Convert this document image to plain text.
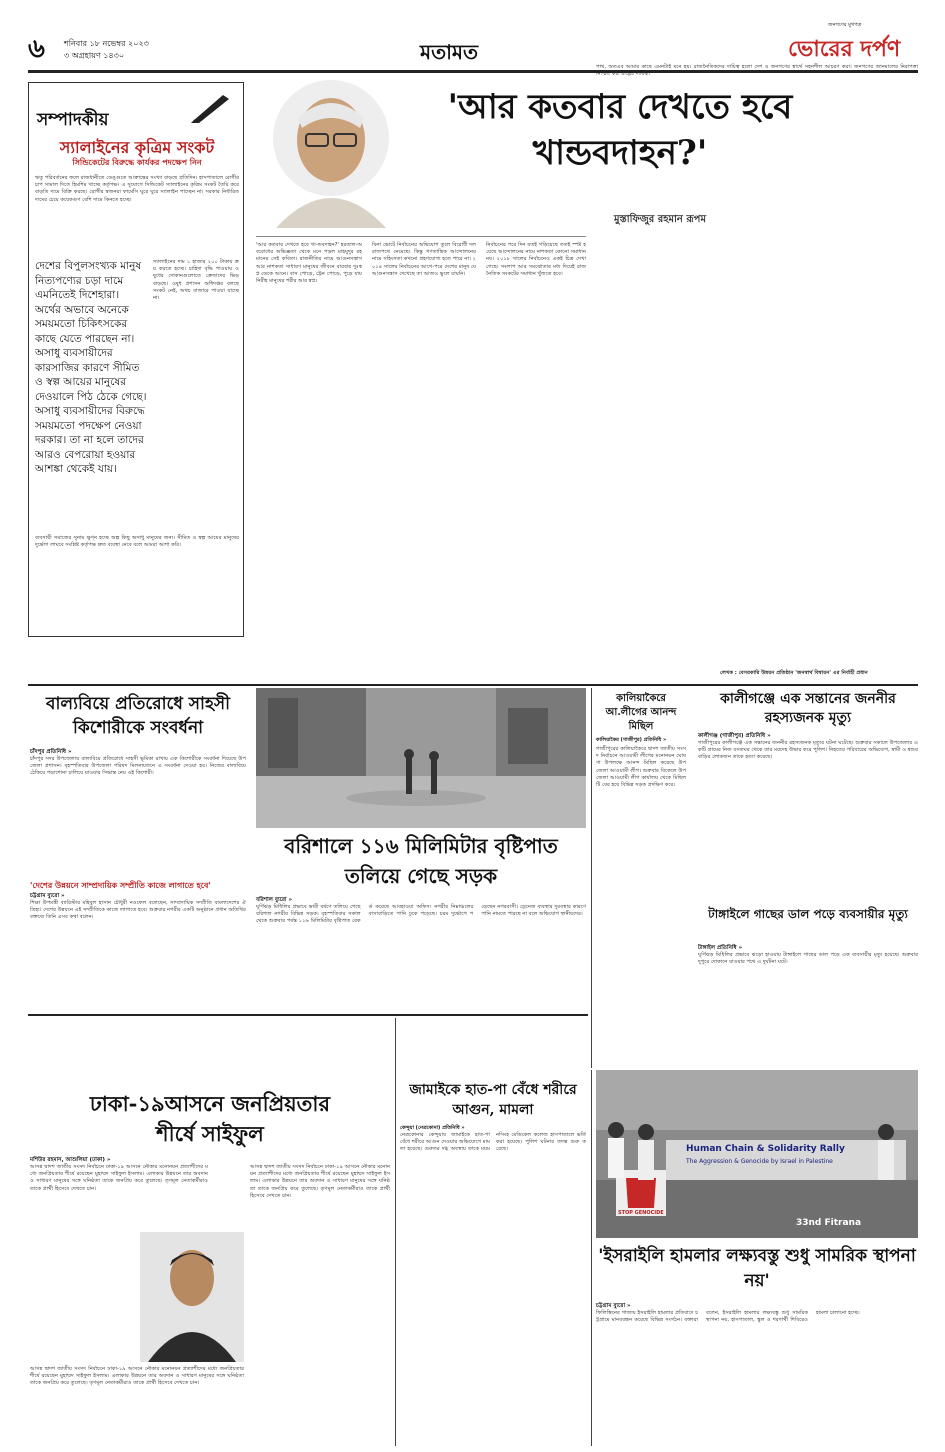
৬ শনিবার ১৮ নভেম্বর ২০২৩
৩ অগ্রহায়ণ ১৪৩০	মতামত
জনগণের মুখপত্র
ভোরের দর্পণ
সম্পাদকীয়
স্যালাইনের কৃত্রিম সংকট
সিন্ডিকেটের বিরুদ্ধে কার্যকর পদক্ষেপ নিন
ঋতু পরিবর্তনের ফলে রাজধানীতে ডেঙ্গুতে আক্রান্তের সংখ্যা বাড়ছে প্রতিদিন। হাসপাতালে রোগীর চাপ সামাল দিতে হিমশিম খাচ্ছে কর্তৃপক্ষ। এ সুযোগে সিন্ডিকেট স্যালাইনের কৃত্রিম সংকট তৈরি করে বাড়তি দামে বিক্রি করছে। রোগীর স্বজনরা ফার্মেসি ঘুরে ঘুরে স্যালাইন পাচ্ছেন না। সরকার নির্ধারিত দামের চেয়ে কয়েকগুণ বেশি দামে কিনতে হচ্ছে।
দেশের বিপুলসংখ্যক মানুষ নিত্যপণ্যের চড়া দামে এমনিতেই দিশেহারা। অর্থের অভাবে অনেকে সময়মতো চিকিৎসকের কাছে যেতে পারছেন না। অসাধু ব্যবসায়ীদের কারসাজির কারণে সীমিত ও স্বল্প আয়ের মানুষের দেওয়ালে পিঠ ঠেকে গেছে। অসাধু ব্যবসায়ীদের বিরুদ্ধে সময়মতো পদক্ষেপ নেওয়া দরকার। তা না হলে তাদের আরও বেপরোয়া হওয়ার আশঙ্কা থেকেই যায়।
স্যালাইনের দাম ১ হাজার ২০০ টাকায় ক্রয় করতে হচ্ছে। চাহিদা বৃদ্ধি পাওয়ায় ওষুধের দোকানগুলোতে ক্রেতাদের ভিড় বাড়ছে। ওষুধ প্রশাসন অধিদপ্তর বলছে সংকট নেই, অথচ বাজারে পাওয়া যাচ্ছে না।
ব্যবসায়ী সমাজের সুনাম ক্ষুণ্ন হচ্ছে অল্প কিছু অসাধু মানুষের জন্য। সীমিত ও স্বল্প আয়ের মানুষের দুর্ভোগ লাঘবে সংশ্লিষ্ট কর্তৃপক্ষ দ্রুত ব্যবস্থা নেবে বলে আমরা আশা করি।
'আর কতবার দেখতে হবে খান্ডবদাহন?'
মুস্তাফিজুর রহমান রূপম
'আর কতবার দেখতে হবে খা-ন্ডবদাহন?' হরতাল-অবরোধের অভিজ্ঞতা থেকে মনে পড়ল মাহমুদুর রহমানের সেই কবিতা। রাজনীতির নামে আগুনসন্ত্রাস আর নাশকতা সাধারণ মানুষের জীবনে বারবার দুঃস্বপ্ন ডেকে আনে। বাস পোড়ে, ট্রেন পোড়ে, পুড়ে যায় নিরীহ মানুষের শরীর আর স্বপ্ন।
বিনা ভোটে নির্বাচনের অভিযোগ তুলে বিরোধী দল রাজপথে নেমেছে। কিন্তু গণতান্ত্রিক আন্দোলনের নামে সহিংসতা কখনো গ্রহণযোগ্য হতে পারে না। ২০১৪ সালের নির্বাচনের আগে-পরে দেশের মানুষ যে আগুনসন্ত্রাস দেখেছে তা আজও ভুলে যায়নি।
নির্বাচনের পরে দিন যতই গড়িয়েছে ততই স্পষ্ট হয়েছে আন্দোলনের নামে নাশকতা কোনো সমাধান নয়। ২০১৮ সালের নির্বাচনেও একই চিত্র দেখা গেছে। সংলাপ আর সমঝোতার মধ্য দিয়েই রাজনৈতিক সংকটের সমাধান খুঁজতে হবে।
পাথ, অতএব আমার কাছে এমনটাই মনে হয়। রাজনৈতিকদের দায়িত্ব হলো দেশ ও জনগণের স্বার্থে সহনশীল আচরণ করা। জনগণের জানমালের নিরাপত্তা নিশ্চিত করা রাষ্ট্রের দায়িত্ব।
লেখক : বেসরকারি উন্নয়ন প্রতিষ্ঠান 'জনস্বার্থ বিশ্বায়ন' এর নির্বাহী প্রধান
বাল্যবিয়ে প্রতিরোধে সাহসী কিশোরীকে সংবর্ধনা
চাঁদপুর প্রতিনিধি »
চাঁদপুর সদর উপজেলায় বাল্যবিয়ে প্রতিরোধে সাহসী ভূমিকা রাখায় এক কিশোরীকে সংবর্ধনা দিয়েছে উপজেলা প্রশাসন। বৃহস্পতিবার উপজেলা পরিষদ মিলনায়তনে এ সংবর্ধনা দেওয়া হয়। নিজের বাল্যবিয়ে ঠেকিয়ে পড়াশোনা চালিয়ে যাওয়ার সিদ্ধান্ত নেয় ওই কিশোরী।
'দেশের উন্নয়নে সাম্প্রদায়িক সম্প্রীতি কাজে লাগাতে হবে'
চট্টগ্রাম ব্যুরো »
শিক্ষা উপমন্ত্রী ব্যারিস্টার মহিবুল হাসান চৌধুরী নওফেল বলেছেন, সাম্প্রদায়িক সম্প্রীতি বাংলাদেশের ঐতিহ্য। দেশের উন্নয়নে এই সম্প্রীতিকে কাজে লাগাতে হবে। শুক্রবার নগরীর একটি অনুষ্ঠানে প্রধান অতিথির বক্তব্যে তিনি এসব কথা বলেন।
বরিশালে ১১৬ মিলিমিটার বৃষ্টিপাত
তলিয়ে গেছে সড়ক
বরিশাল ব্যুরো »
ঘূর্ণিঝড় মিধিলির প্রভাবে ভারী বর্ষণে তলিয়ে গেছে বরিশাল নগরীর বিভিন্ন সড়ক। বৃহস্পতিবার সকাল থেকে শুক্রবার পর্যন্ত ১১৬ মিলিমিটার বৃষ্টিপাত রেকর্ড করেছে আবহাওয়া অফিস। নগরীর নিম্নাঞ্চলের বাসাবাড়িতে পানি ঢুকে পড়েছে। চরম দুর্ভোগে পড়েছেন নগরবাসী। ড্রেনেজ ব্যবস্থার দুরবস্থার কারণে পানি নামতে পারছে না বলে অভিযোগ স্থানীয়দের।
কালিয়াকৈরে আ.লীগের আনন্দ মিছিল
কালিয়াকৈর (গাজীপুর) প্রতিনিধি »
গাজীপুরের কালিয়াকৈরে দ্বাদশ জাতীয় সংসদ নির্বাচনে আওয়ামী লীগের মনোনয়ন ঘোষণা উপলক্ষে আনন্দ মিছিল করেছে উপজেলা আওয়ামী লীগ। শুক্রবার বিকেলে উপজেলা আওয়ামী লীগ কার্যালয় থেকে মিছিলটি বের হয়ে বিভিন্ন সড়ক প্রদক্ষিণ করে।
কালীগঞ্জে এক সন্তানের জননীর রহস্যজনক মৃত্যু
কালীগঞ্জ (গাজীপুর) প্রতিনিধি »
গাজীপুরের কালীগঞ্জে এক সন্তানের জননীর রহস্যজনক মৃত্যুর ঘটনা ঘটেছে। শুক্রবার সকালে উপজেলার একটি গ্রামের নিজ বসতঘর থেকে তার মরদেহ উদ্ধার করে পুলিশ। নিহতের পরিবারের অভিযোগ, স্বামী ও শ্বশুরবাড়ির লোকজন তাকে হত্যা করেছে।
টাঙ্গাইলে গাছের ডাল পড়ে ব্যবসায়ীর মৃত্যু
টাঙ্গাইল প্রতিনিধি »
ঘূর্ণিঝড় মিধিলির প্রভাবে ঝড়ো হাওয়ায় টাঙ্গাইলে গাছের ডাল পড়ে এক ব্যবসায়ীর মৃত্যু হয়েছে। শুক্রবার দুপুরে দোকানে যাওয়ার পথে এ দুর্ঘটনা ঘটে।
ঢাকা-১৯আসনে জনপ্রিয়তার
শীর্ষে সাইফুল
মশিউর রহমান, আশুলিয়া (ঢাকা) »
আসন্ন দ্বাদশ জাতীয় সংসদ নির্বাচনে ঢাকা-১৯ আসনে নৌকার মনোনয়ন প্রত্যাশীদের মধ্যে জনপ্রিয়তার শীর্ষে রয়েছেন মুহাম্মদ সাইফুল ইসলাম। এলাকার উন্নয়নে তার অবদান ও সাধারণ মানুষের সঙ্গে ঘনিষ্ঠতা তাকে জনপ্রিয় করে তুলেছে। তৃণমূল নেতাকর্মীরাও তাকে প্রার্থী হিসেবে দেখতে চান।
আসন্ন দ্বাদশ জাতীয় সংসদ নির্বাচনে ঢাকা-১৯ আসনে নৌকার মনোনয়ন প্রত্যাশীদের মধ্যে জনপ্রিয়তার শীর্ষে রয়েছেন মুহাম্মদ সাইফুল ইসলাম। এলাকার উন্নয়নে তার অবদান ও সাধারণ মানুষের সঙ্গে ঘনিষ্ঠতা তাকে জনপ্রিয় করে তুলেছে। তৃণমূল নেতাকর্মীরাও তাকে প্রার্থী হিসেবে দেখতে চান।
আসন্ন দ্বাদশ জাতীয় সংসদ নির্বাচনে ঢাকা-১৯ আসনে নৌকার মনোনয়ন প্রত্যাশীদের মধ্যে জনপ্রিয়তার শীর্ষে রয়েছেন মুহাম্মদ সাইফুল ইসলাম। এলাকার উন্নয়নে তার অবদান ও সাধারণ মানুষের সঙ্গে ঘনিষ্ঠতা তাকে জনপ্রিয় করে তুলেছে। তৃণমূল নেতাকর্মীরাও তাকে প্রার্থী হিসেবে দেখতে চান।
জামাইকে হাত-পা বেঁধে শরীরে আগুন, মামলা
কেন্দুয়া (নেত্রকোনা) প্রতিনিধি »
নেত্রকোনার কেন্দুয়ায় জামাইকে হাত-পা বেঁধে শরীরে আগুন দেওয়ার অভিযোগে মামলা হয়েছে। গুরুতর দগ্ধ অবস্থায় তাকে ময়মনসিংহ মেডিকেল কলেজ হাসপাতালে ভর্তি করা হয়েছে। পুলিশ ঘটনার তদন্ত শুরু করেছে।	Human Chain & Solidarity Rally
The Aggression & Genocide by Israel in Palestine
STOP GENOCIDE
33nd Fitrana
'ইসরাইলি হামলার লক্ষ্যবস্তু শুধু সামরিক স্থাপনা নয়'
চট্টগ্রাম ব্যুরো »
ফিলিস্তিনের গাজায় ইসরাইলি হামলার প্রতিবাদে চট্টগ্রামে মানববন্ধন করেছে বিভিন্ন সংগঠন। বক্তারা বলেন, ইসরাইলি হামলার লক্ষ্যবস্তু শুধু সামরিক স্থাপনা নয়, হাসপাতাল, স্কুল ও শরণার্থী শিবিরেও হামলা চালানো হচ্ছে।
